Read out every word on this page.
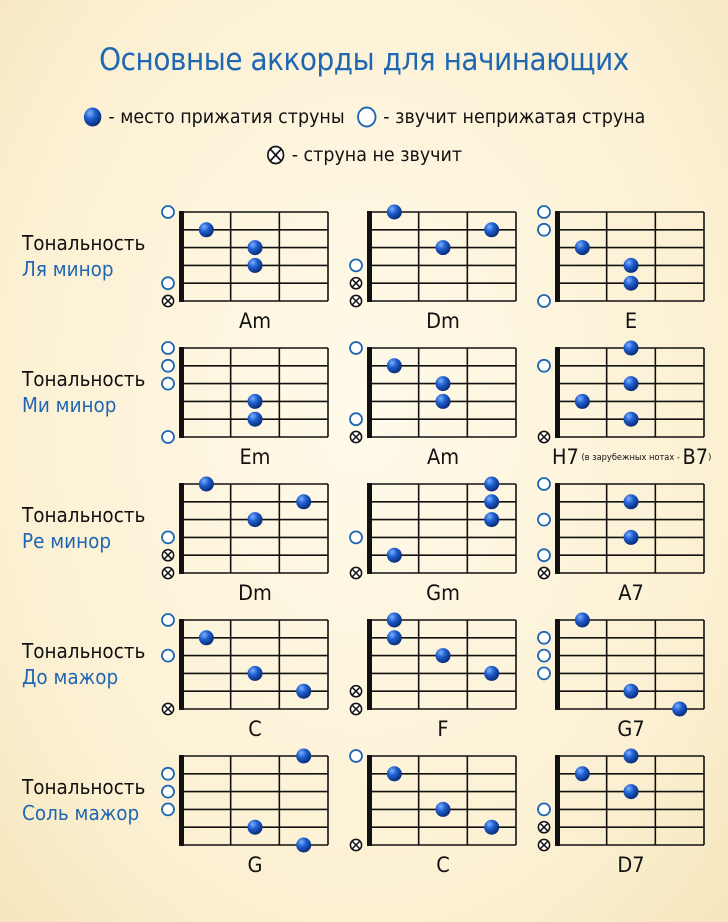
Основные аккорды для начинающих
- место прижатия струны - звучит неприжатая струна
- струна не звучит
Тональность
Ля минор
Тональность
Ми минор
Тональность
Ре минор
Тональность
До мажор
Тональность
Соль мажор
Am	Dm	E
Em	Am	H7 (в зарубежных нотах - B7)
Dm	Gm	A7
C	F	G7
G	C	D7
